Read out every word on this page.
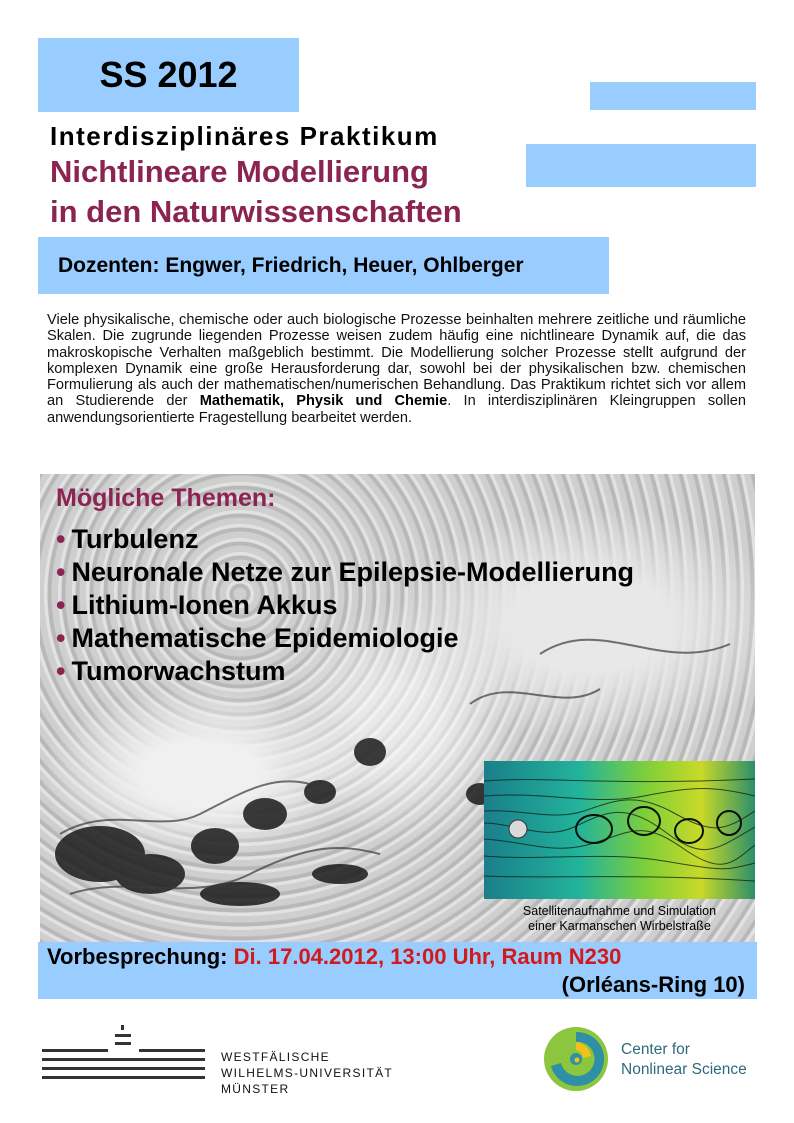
SS 2012
Interdisziplinäres Praktikum
Nichtlineare Modellierung
in den Naturwissenschaften
Dozenten: Engwer, Friedrich, Heuer, Ohlberger
Viele physikalische, chemische oder auch biologische Prozesse beinhalten mehrere zeitliche und räumliche Skalen. Die zugrunde liegenden Prozesse weisen zudem häufig eine nichtlineare Dynamik auf, die das makroskopische Verhalten maßgeblich bestimmt. Die Modellierung solcher Prozesse stellt aufgrund der komplexen Dynamik eine große Herausforderung dar, sowohl bei der physikalischen bzw. chemischen Formulierung als auch der mathematischen/numerischen Behandlung. Das Praktikum richtet sich vor allem an Studierende der Mathematik, Physik und Chemie. In interdisziplinären Kleingruppen sollen anwendungsorientierte Fragestellung bearbeitet werden.
Mögliche Themen:
• Turbulenz
• Neuronale Netze zur Epilepsie-Modellierung
• Lithium-Ionen Akkus
• Mathematische Epidemiologie
• Tumorwachstum
Satellitenaufnahme und Simulation
einer Karmanschen Wirbelstraße
Vorbesprechung: Di. 17.04.2012, 13:00 Uhr, Raum N230
(Orléans-Ring 10)
WESTFÄLISCHE
WILHELMS-UNIVERSITÄT
MÜNSTER
Center for
Nonlinear Science
